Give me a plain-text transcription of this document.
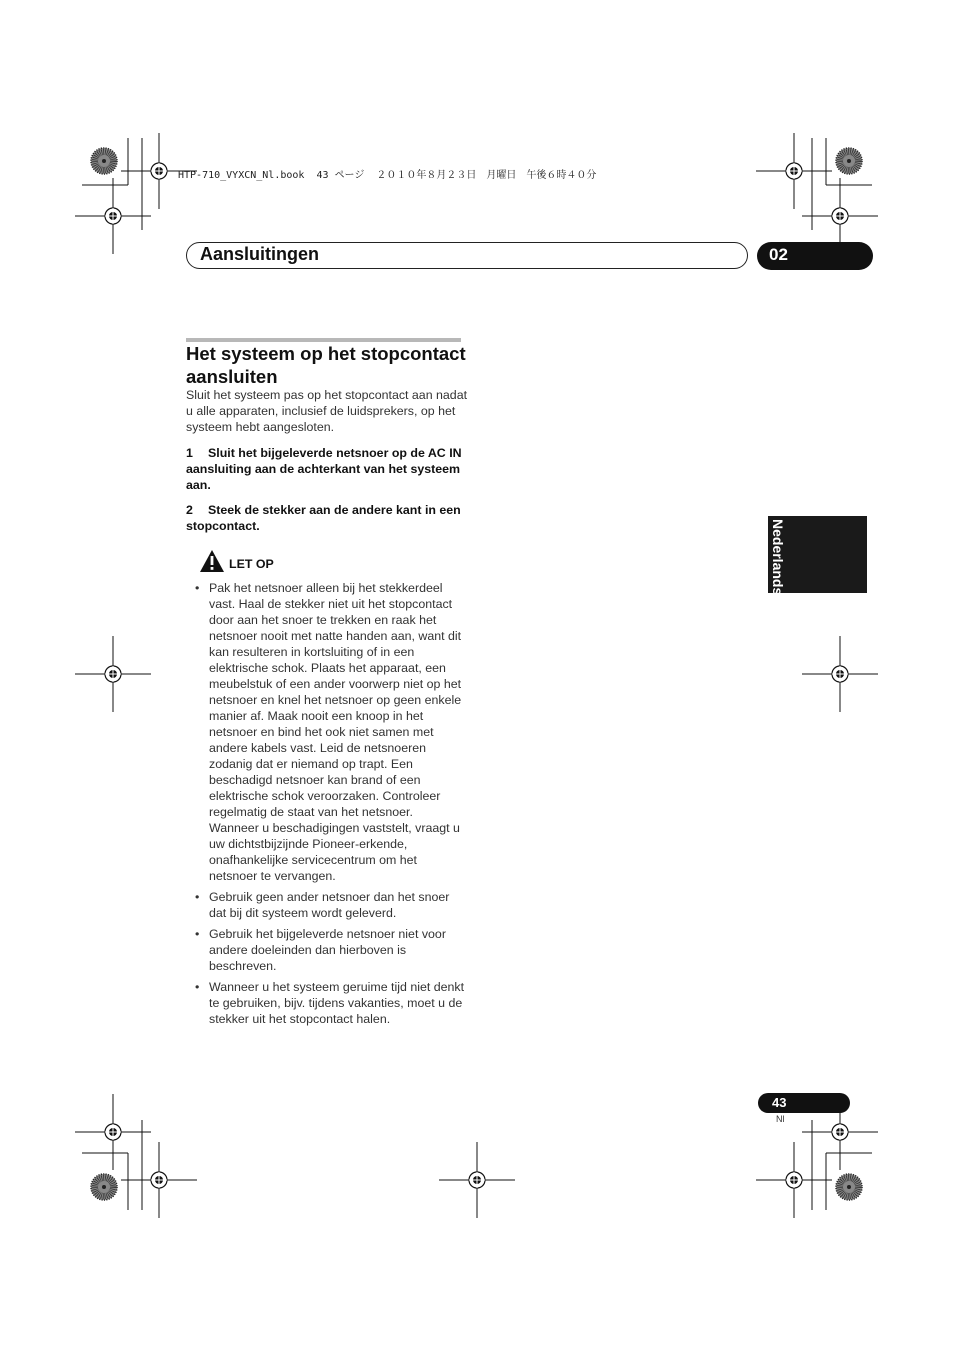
HTP-710_VYXCN_Nl.book  43 ページ  ２０１０年８月２３日　月曜日　午後６時４０分
Aansluitingen	02
Het systeem op het stopcontact aansluiten
Sluit het systeem pas op het stopcontact aan nadat u alle apparaten, inclusief de luidsprekers, op het systeem hebt aangesloten.
1 Sluit het bijgeleverde netsnoer op de AC IN aansluiting aan de achterkant van het systeem aan.
2 Steek de stekker aan de andere kant in een stopcontact.
LET OP
• Pak het netsnoer alleen bij het stekkerdeel vast. Haal de stekker niet uit het stopcontact door aan het snoer te trekken en raak het netsnoer nooit met natte handen aan, want dit kan resulteren in kortsluiting of in een elektrische schok. Plaats het apparaat, een meubelstuk of een ander voorwerp niet op het netsnoer en knel het netsnoer op geen enkele manier af. Maak nooit een knoop in het netsnoer en bind het ook niet samen met andere kabels vast. Leid de netsnoeren zodanig dat er niemand op trapt. Een beschadigd netsnoer kan brand of een elektrische schok veroorzaken. Controleer regelmatig de staat van het netsnoer. Wanneer u beschadigingen vaststelt, vraagt u uw dichtstbijzijnde Pioneer-erkende, onafhankelijke servicecentrum om het netsnoer te vervangen.
• Gebruik geen ander netsnoer dan het snoer dat bij dit systeem wordt geleverd.
• Gebruik het bijgeleverde netsnoer niet voor andere doeleinden dan hierboven is beschreven.
• Wanneer u het systeem geruime tijd niet denkt te gebruiken, bijv. tijdens vakanties, moet u de stekker uit het stopcontact halen.
Nederlands
43
Nl
